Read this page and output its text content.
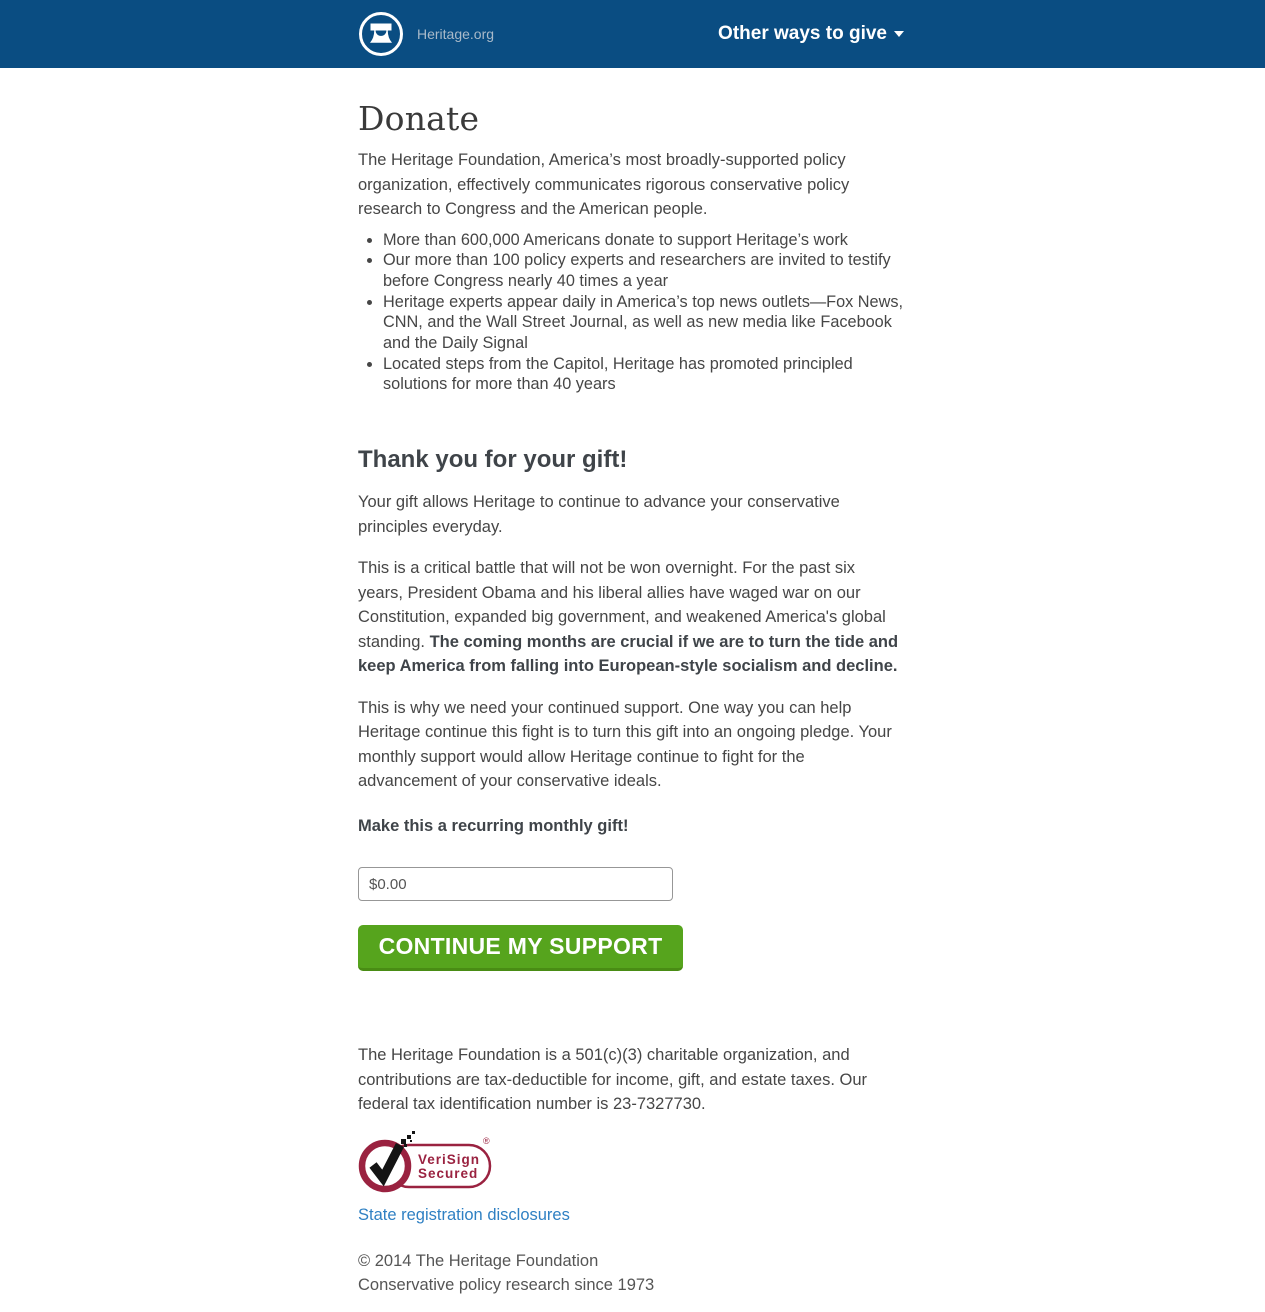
Heritage.org	Other ways to give
Donate

The Heritage Foundation, America’s most broadly-supported policy organization, effectively communicates rigorous conservative policy research to Congress and the American people.

• More than 600,000 Americans donate to support Heritage’s work
• Our more than 100 policy experts and researchers are invited to testify before Congress nearly 40 times a year
• Heritage experts appear daily in America’s top news outlets—Fox News, CNN, and the Wall Street Journal, as well as new media like Facebook and the Daily Signal
• Located steps from the Capitol, Heritage has promoted principled solutions for more than 40 years
Thank you for your gift!

Your gift allows Heritage to continue to advance your conservative principles everyday.

This is a critical battle that will not be won overnight. For the past six years, President Obama and his liberal allies have waged war on our Constitution, expanded big government, and weakened America's global standing. The coming months are crucial if we are to turn the tide and keep America from falling into European-style socialism and decline.

This is why we need your continued support. One way you can help Heritage continue this fight is to turn this gift into an ongoing pledge. Your monthly support would allow Heritage continue to fight for the advancement of your conservative ideals.

Make this a recurring monthly gift!

$0.00
CONTINUE MY SUPPORT

The Heritage Foundation is a 501(c)(3) charitable organization, and contributions are tax-deductible for income, gift, and estate taxes. Our federal tax identification number is 23-7327730.

VeriSign
Secured
®
State registration disclosures
© 2014 The Heritage Foundation
Conservative policy research since 1973
